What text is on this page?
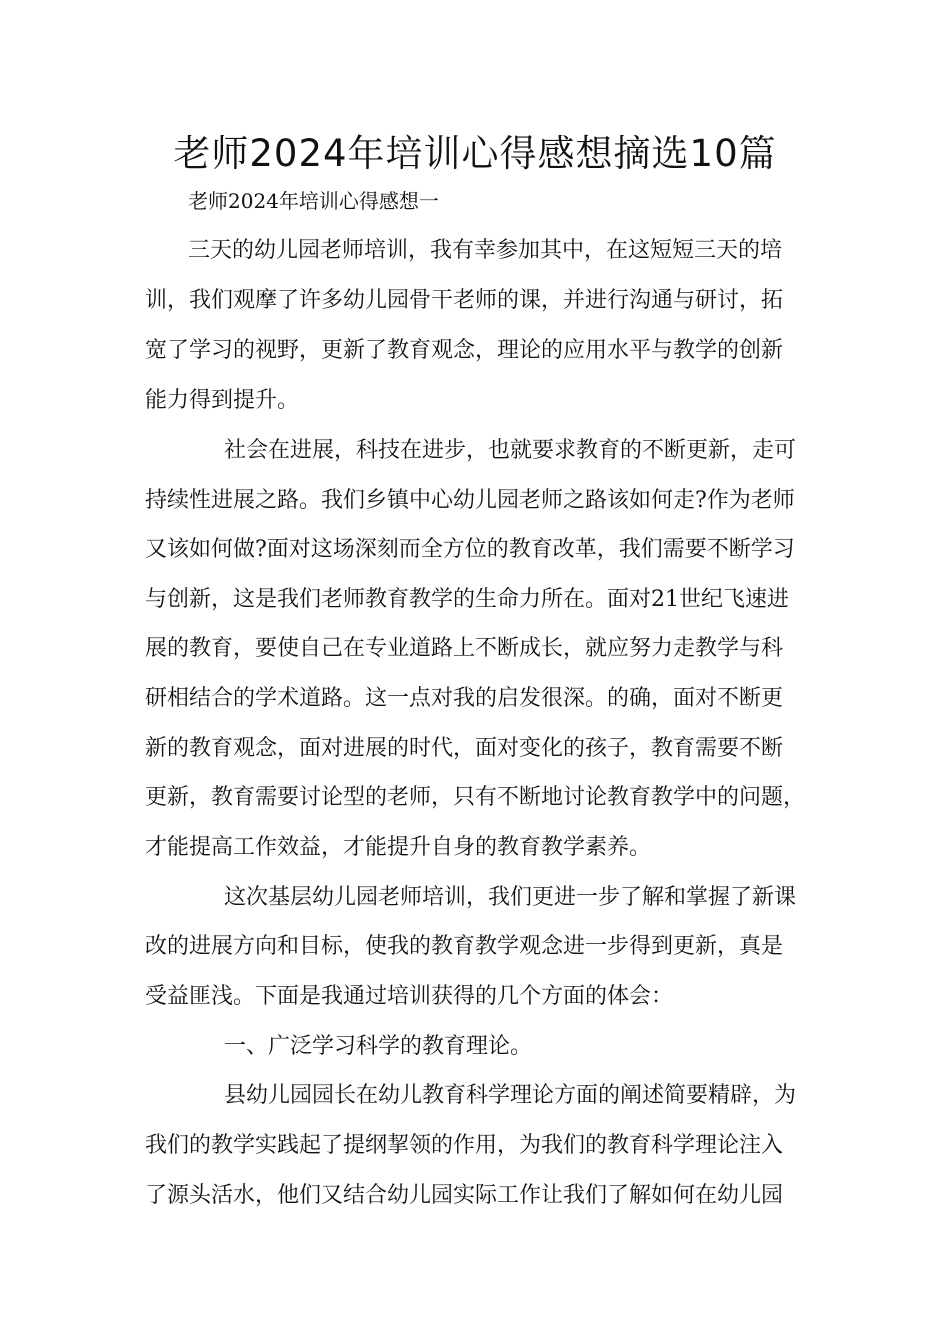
老师2024年培训心得感想摘选10篇
老师2024年培训心得感想一
三天的幼儿园老师培训，我有幸参加其中，在这短短三天的培
训，我们观摩了许多幼儿园骨干老师的课，并进行沟通与研讨，拓
宽了学习的视野，更新了教育观念，理论的应用水平与教学的创新
能力得到提升。
社会在进展，科技在进步，也就要求教育的不断更新，走可
持续性进展之路。我们乡镇中心幼儿园老师之路该如何走?作为老师
又该如何做?面对这场深刻而全方位的教育改革，我们需要不断学习
与创新，这是我们老师教育教学的生命力所在。面对21世纪飞速进
展的教育，要使自己在专业道路上不断成长，就应努力走教学与科
研相结合的学术道路。这一点对我的启发很深。的确，面对不断更
新的教育观念，面对进展的时代，面对变化的孩子，教育需要不断
更新，教育需要讨论型的老师，只有不断地讨论教育教学中的问题，
才能提高工作效益，才能提升自身的教育教学素养。
这次基层幼儿园老师培训，我们更进一步了解和掌握了新课
改的进展方向和目标，使我的教育教学观念进一步得到更新，真是
受益匪浅。下面是我通过培训获得的几个方面的体会：
一、广泛学习科学的教育理论。
县幼儿园园长在幼儿教育科学理论方面的阐述简要精辟，为
我们的教学实践起了提纲挈领的作用，为我们的教育科学理论注入
了源头活水，他们又结合幼儿园实际工作让我们了解如何在幼儿园
